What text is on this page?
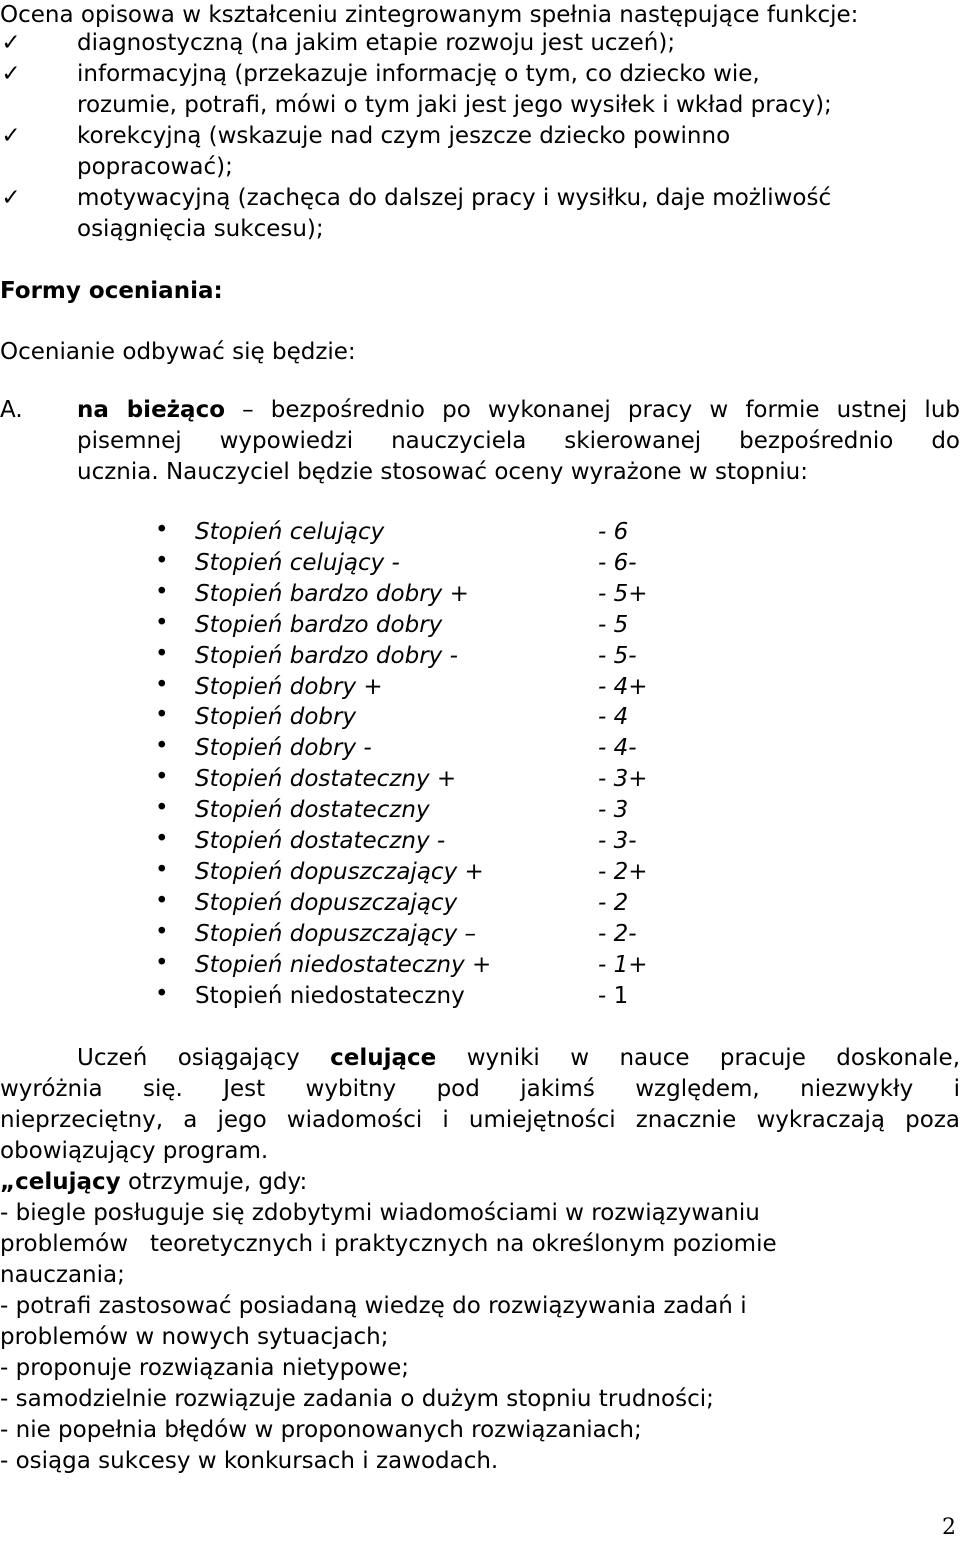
Ocena opisowa w kształceniu zintegrowanym spełnia następujące funkcje:
✓ diagnostyczną (na jakim etapie rozwoju jest uczeń);
✓ informacyjną (przekazuje informację o tym, co dziecko wie,
rozumie, potrafi, mówi o tym jaki jest jego wysiłek i wkład pracy);
✓ korekcyjną (wskazuje nad czym jeszcze dziecko powinno
popracować);
✓ motywacyjną (zachęca do dalszej pracy i wysiłku, daje możliwość
osiągnięcia sukcesu);
Formy oceniania:
Ocenianie odbywać się będzie:
A. na bieżąco – bezpośrednio po wykonanej pracy w formie ustnej lub
pisemnej wypowiedzi nauczyciela skierowanej bezpośrednio do
ucznia. Nauczyciel będzie stosować oceny wyrażone w stopniu:
• Stopień celujący	- 6
• Stopień celujący -	- 6-
• Stopień bardzo dobry +	- 5+
• Stopień bardzo dobry	- 5
• Stopień bardzo dobry -	- 5-
• Stopień dobry +	- 4+
• Stopień dobry	- 4
• Stopień dobry -	- 4-
• Stopień dostateczny +	- 3+
• Stopień dostateczny	- 3
• Stopień dostateczny -	- 3-
• Stopień dopuszczający +	- 2+
• Stopień dopuszczający	- 2
• Stopień dopuszczający –	- 2-
• Stopień niedostateczny +	- 1+
• Stopień niedostateczny	- 1
Uczeń osiągający celujące wyniki w nauce pracuje doskonale,
wyróżnia się. Jest wybitny pod jakimś względem, niezwykły i
nieprzeciętny, a jego wiadomości i umiejętności znacznie wykraczają poza
obowiązujący program.
„celujący otrzymuje, gdy:
- biegle posługuje się zdobytymi wiadomościami w rozwiązywaniu
problemów   teoretycznych i praktycznych na określonym poziomie
nauczania;
- potrafi zastosować posiadaną wiedzę do rozwiązywania zadań i
problemów w nowych sytuacjach;
- proponuje rozwiązania nietypowe;
- samodzielnie rozwiązuje zadania o dużym stopniu trudności;
- nie popełnia błędów w proponowanych rozwiązaniach;
- osiąga sukcesy w konkursach i zawodach.
2
